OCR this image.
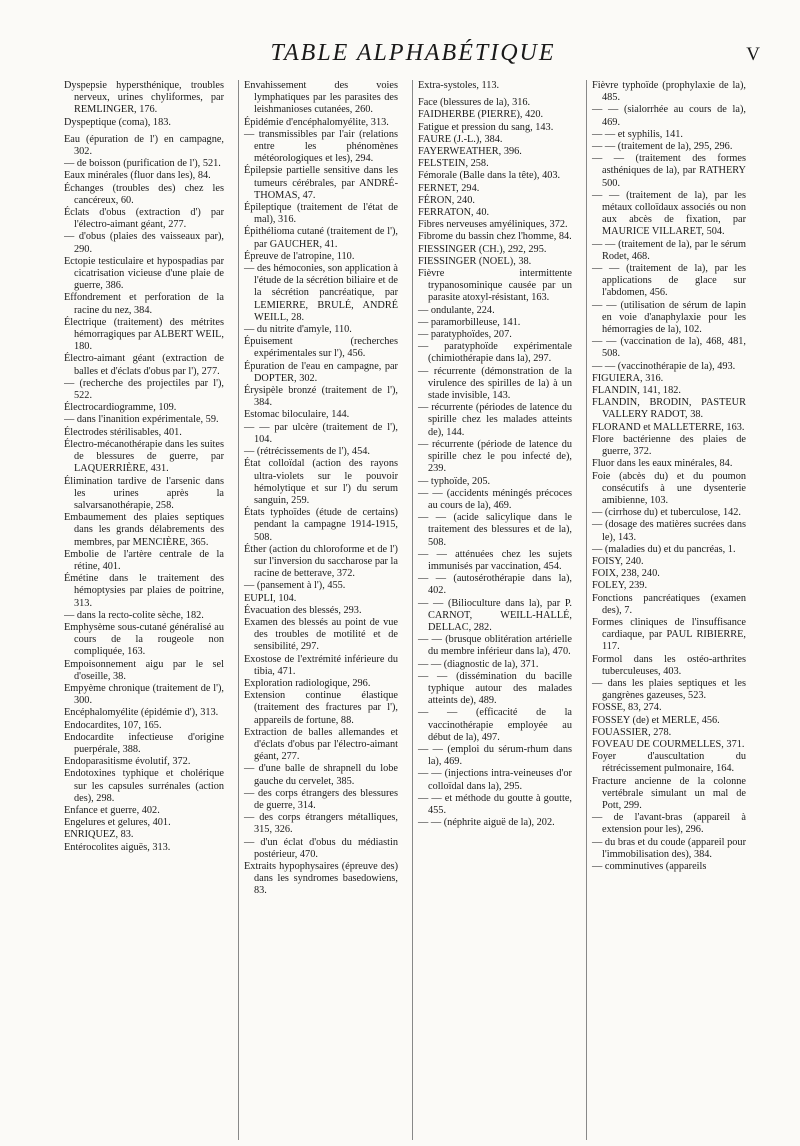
TABLE ALPHABÉTIQUE	V

Dyspepsie hypersthénique, troubles nerveux, urines chyliformes, par REMLINGER, 176.

Dyspeptique (coma), 183.

Eau (épuration de l') en campagne, 302.

— de boisson (purification de l'), 521.

Eaux minérales (fluor dans les), 84.

Échanges (troubles des) chez les cancéreux, 60.

Éclats d'obus (extraction d') par l'électro-aimant géant, 277.

— d'obus (plaies des vaisseaux par), 290.

Ectopie testiculaire et hypospadias par cicatrisation vicieuse d'une plaie de guerre, 386.

Effondrement et perforation de la racine du nez, 384.

Électrique (traitement) des métrites hémorragiques par ALBERT WEIL, 180.

Électro-aimant géant (extraction de balles et d'éclats d'obus par l'), 277.

— (recherche des projectiles par l'), 522.

Électrocardiogramme, 109.

— dans l'inanition expérimentale, 59.

Électrodes stérilisables, 401.

Électro-mécanothérapie dans les suites de blessures de guerre, par LAQUERRIÈRE, 431.

Élimination tardive de l'arsenic dans les urines après la salvarsanothérapie, 258.

Embaumement des plaies septiques dans les grands délabrements des membres, par MENCIÈRE, 365.

Embolie de l'artère centrale de la rétine, 401.

Émétine dans le traitement des hémoptysies par plaies de poitrine, 313.

— dans la recto-colite sèche, 182.

Emphysème sous-cutané généralisé au cours de la rougeole non compliquée, 163.

Empoisonnement aigu par le sel d'oseille, 38.

Empyème chronique (traitement de l'), 300.

Encéphalomyélite (épidémie d'), 313.

Endocardites, 107, 165.

Endocardite infectieuse d'origine puerpérale, 388.

Endoparasitisme évolutif, 372.

Endotoxines typhique et cholérique sur les capsules surrénales (action des), 298.

Enfance et guerre, 402.

Engelures et gelures, 401.

ENRIQUEZ, 83.

Entérocolites aiguës, 313.

Envahissement des voies lymphatiques par les parasites des leishmanioses cutanées, 260.

Épidémie d'encéphalomyélite, 313.

— transmissibles par l'air (relations entre les phénomènes météorologiques et les), 294.

Épilepsie partielle sensitive dans les tumeurs cérébrales, par ANDRÉ-THOMAS, 47.

Épileptique (traitement de l'état de mal), 316.

Épithélioma cutané (traitement de l'), par GAUCHER, 41.

Épreuve de l'atropine, 110.

— des hémoconies, son application à l'étude de la sécrétion biliaire et de la sécrétion pancréatique, par LEMIERRE, BRULÉ, ANDRÉ WEILL, 28.

— du nitrite d'amyle, 110.

Épuisement (recherches expérimentales sur l'), 456.

Épuration de l'eau en campagne, par DOPTER, 302.

Érysipèle bronzé (traitement de l'), 384.

Estomac biloculaire, 144.

— — par ulcère (traitement de l'), 104.

— (rétrécissements de l'), 454.

État colloïdal (action des rayons ultra-violets sur le pouvoir hémolytique et sur l') du serum sanguin, 259.

États typhoïdes (étude de certains) pendant la campagne 1914-1915, 508.

Éther (action du chloroforme et de l') sur l'inversion du saccharose par la racine de betterave, 372.

— (pansement à l'), 455.

EUPLI, 104.

Évacuation des blessés, 293.

Examen des blessés au point de vue des troubles de motilité et de sensibilité, 297.

Exostose de l'extrémité inférieure du tibia, 471.

Exploration radiologique, 296.

Extension continue élastique (traitement des fractures par l'), appareils de fortune, 88.

Extraction de balles allemandes et d'éclats d'obus par l'électro-aimant géant, 277.

— d'une balle de shrapnell du lobe gauche du cervelet, 385.

— des corps étrangers des blessures de guerre, 314.

— des corps étrangers métalliques, 315, 326.

— d'un éclat d'obus du médiastin postérieur, 470.

Extraits hypophysaires (épreuve des) dans les syndromes basedowiens, 83.

Extra-systoles, 113.

Face (blessures de la), 316.

FAIDHERBE (PIERRE), 420.

Fatigue et pression du sang, 143.

FAURE (J.-L.), 384.

FAYERWEATHER, 396.

FELSTEIN, 258.

Fémorale (Balle dans la tête), 403.

FERNET, 294.

FÉRON, 240.

FERRATON, 40.

Fibres nerveuses amyéliniques, 372.

Fibrome du bassin chez l'homme, 84.

FIESSINGER (CH.), 292, 295.

FIESSINGER (NOEL), 38.

Fièvre intermittente trypanosominique causée par un parasite atoxyl-résistant, 163.

— ondulante, 224.

— paramorbilleuse, 141.

— paratyphoïdes, 207.

— paratyphoïde expérimentale (chimiothérapie dans la), 297.

— récurrente (démonstration de la virulence des spirilles de la) à un stade invisible, 143.

— récurrente (périodes de latence du spirille chez les malades atteints de), 144.

— récurrente (période de latence du spirille chez le pou infecté de), 239.

— typhoïde, 205.

— — (accidents méningés précoces au cours de la), 469.

— — (acide salicylique dans le traitement des blessures et de la), 508.

— — atténuées chez les sujets immunisés par vaccination, 454.

— — (autosérothérapie dans la), 402.

— — (Bilioculture dans la), par P. CARNOT, WEILL-HALLÉ, DELLAC, 282.

— — (brusque oblitération artérielle du membre inférieur dans la), 470.

— — (diagnostic de la), 371.

— — (dissémination du bacille typhique autour des malades atteints de), 489.

— — (efficacité de la vaccinothérapie employée au début de la), 497.

— — (emploi du sérum-rhum dans la), 469.

— — (injections intra-veineuses d'or colloïdal dans la), 295.

— — et méthode du goutte à goutte, 455.

— — (néphrite aiguë de la), 202.

Fièvre typhoïde (prophylaxie de la), 485.

— — (sialorrhée au cours de la), 469.

— — et syphilis, 141.

— — (traitement de la), 295, 296.

— — (traitement des formes asthéniques de la), par RATHERY 500.

— — (traitement de la), par les métaux colloïdaux associés ou non aux abcès de fixation, par MAURICE VILLARET, 504.

— — (traitement de la), par le sérum Rodet, 468.

— — (traitement de la), par les applications de glace sur l'abdomen, 456.

— — (utilisation de sérum de lapin en voie d'anaphylaxie pour les hémorragies de la), 102.

— — (vaccination de la), 468, 481, 508.

— — (vaccinothérapie de la), 493.

FIGUIERA, 316.

FLANDIN, 141, 182.

FLANDIN, BRODIN, PASTEUR VALLERY RADOT, 38.

FLORAND et MALLETERRE, 163.

Flore bactérienne des plaies de guerre, 372.

Fluor dans les eaux minérales, 84.

Foie (abcès du) et du poumon consécutifs à une dysenterie amibienne, 103.

— (cirrhose du) et tuberculose, 142.

— (dosage des matières sucrées dans le), 143.

— (maladies du) et du pancréas, 1.

FOISY, 240.

FOIX, 238, 240.

FOLEY, 239.

Fonctions pancréatiques (examen des), 7.

Formes cliniques de l'insuffisance cardiaque, par PAUL RIBIERRE, 117.

Formol dans les ostéo-arthrites tuberculeuses, 403.

— dans les plaies septiques et les gangrènes gazeuses, 523.

FOSSE, 83, 274.

FOSSEY (de) et MERLE, 456.

FOUASSIER, 278.

FOVEAU DE COURMELLES, 371.

Foyer d'auscultation du rétrécissement pulmonaire, 164.

Fracture ancienne de la colonne vertébrale simulant un mal de Pott, 299.

— de l'avant-bras (appareil à extension pour les), 296.

— du bras et du coude (appareil pour l'immobilisation des), 384.

— comminutives (appareils
